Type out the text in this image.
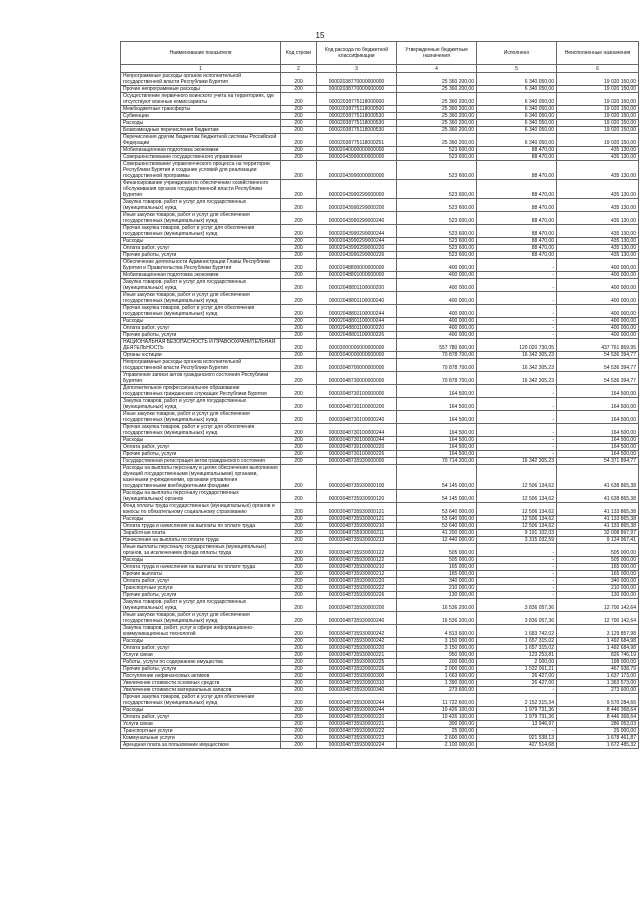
15
Наименование показателя	Код строки	Код расхода по бюджетной классификации	Утвержденные бюджетные назначения	Исполнено	Неисполненные назначения
1	2	3	4	5	6
Непрограммные расходы органов исполнительной государственной власти Республики Бурятия	200	00002038770000000000	25 360 200,00	6 340 050,00	19 020 150,00
Прочие непрограммные расходы	200	00002038770000000000	25 360 200,00	6 340 050,00	19 020 150,00
Осуществление первичного воинского учета на территориях, где отсутствуют военные комиссариаты	200	00002038775118000000	25 360 200,00	6 340 050,00	19 020 150,00
Межбюджетные трансферты	200	00002038775118000500	25 360 200,00	6 340 050,00	19 020 150,00
Субвенции	200	00002038775118000530	25 360 200,00	6 340 050,00	19 020 150,00
Расходы	200	00002038775118000530	25 360 200,00	6 340 050,00	19 020 150,00
Безвозмездные перечисления бюджетам	200	00002038775118000530	25 360 200,00	6 340 050,00	19 020 150,00
Перечисления другим бюджетам бюджетной системы Российской Федерации	200	00002038775118000251	25 360 200,00	6 340 050,00	19 020 150,00
Мобилизационная подготовка экономики	200	00002040000000000000	523 600,00	88 470,00	435 130,00
Совершенствование государственного управления	200	00002043990000000000	523 600,00	88 470,00	435 130,00
Совершенствование управленческого процесса на территории Республики Бурятия и создание условий для реализации государственной программы	200	00002043990000000000	523 600,00	88 470,00	435 130,00
Финансирование учреждения по обеспечению хозяйственного обслуживания органов государственной власти Республики Бурятия	200	00002043990299000000	523 600,00	88 470,00	435 130,00
Закупка товаров, работ и услуг для государственных (муниципальных) нужд	200	00002043990299000200	523 600,00	88 470,00	435 130,00
Иные закупки товаров, работ и услуг для обеспечения государственных (муниципальных) нужд	200	00002043990299000240	523 600,00	88 470,00	435 130,00
Прочая закупка товаров, работ и услуг для обеспечения государственных (муниципальных) нужд	200	00002043990299000244	523 600,00	88 470,00	435 130,00
Расходы	200	00002043990299000244	523 600,00	88 470,00	435 130,00
Оплата работ, услуг	200	00002043990299000220	523 600,00	88 470,00	435 130,00
Прочие работы, услуги	200	00002043990299000226	523 600,00	88 470,00	435 130,00
Обеспечение деятельности Администрации Главы Республики Бурятия и Правительства Республики Бурятия	200	00002048800000000000	400 000,00	-	400 000,00
Мобилизационная подготовка экономики	200	00002048801000000000	400 000,00	-	400 000,00
Закупка товаров, работ и услуг для государственных (муниципальных) нужд	200	00002048801100000200	400 000,00	-	400 000,00
Иные закупки товаров, работ и услуг для обеспечения государственных (муниципальных) нужд	200	00002048801100000240	400 000,00	-	400 000,00
Прочая закупка товаров, работ и услуг для обеспечения государственных (муниципальных) нужд	200	00002048801100000244	400 000,00	-	400 000,00
Расходы	200	00002048801100000244	400 000,00	-	400 000,00
Оплата работ, услуг	200	00002048801100000220	400 000,00	-	400 000,00
Прочие работы, услуги	200	00002048801100000226	400 000,00	-	400 000,00
НАЦИОНАЛЬНАЯ БЕЗОПАСНОСТЬ И ПРАВООХРАНИТЕЛЬНАЯ ДЕЯТЕЛЬНОСТЬ	200	00003000000000000000	557 780 600,00	120 020 730,05	437 761 869,95
Органы юстиции	200	00003040000000000000	70 878 700,00	16 342 305,23	54 536 394,77
Непрограммные расходы органов исполнительной государственной власти Республики Бурятия	200	00003048700000000000	70 878 700,00	16 342 305,23	54 536 394,77
Управление записи актов гражданского состояния Республики Бурятия	200	00003048730000000000	70 878 700,00	16 342 305,23	54 536 394,77
Дополнительное профессиональное образование государственных гражданских служащих Республики Бурятия	200	00003048730100000000	164 500,00	-	164 500,00
Закупка товаров, работ и услуг для государственных (муниципальных) нужд	200	00003048730100000200	164 500,00	-	164 500,00
Иные закупки товаров, работ и услуг для обеспечения государственных (муниципальных) нужд	200	00003048730100000240	164 500,00	-	164 500,00
Прочая закупка товаров, работ и услуг для обеспечения государственных (муниципальных) нужд	200	00003048730100000244	164 500,00	-	164 500,00
Расходы	200	00003048730100000244	164 500,00	-	164 500,00
Оплата работ, услуг	200	00003048730100000220	164 500,00	-	164 500,00
Прочие работы, услуги	200	00003048730100000226	164 500,00	-	164 500,00
Государственная регистрация актов гражданского состояния	200	00003048735930000000	70 714 200,00	16 342 305,23	54 371 894,77
Расходы на выплаты персоналу в целях обеспечения выполнения функций государственными (муниципальными) органами, казенными учреждениями, органами управления государственными внебюджетными фондами	200	00003048735930000100	54 145 000,00	12 506 134,62	41 638 865,38
Расходы на выплаты персоналу государственных (муниципальных) органов	200	00003048735930000120	54 145 000,00	12 506 134,62	41 638 865,38
Фонд оплаты труда государственных (муниципальных) органов и взносы по обязательному социальному страхованию	200	00003048735930000121	53 640 000,00	12 506 134,62	41 133 865,38
Расходы	200	00003048735930000121	53 640 000,00	12 506 134,62	41 133 865,38
Оплата труда и начисления на выплаты по оплате труда	200	00003048735930000210	53 640 000,00	12 506 134,62	41 133 865,38
Заработная плата	200	00003048735930000211	41 200 000,00	9 191 102,03	32 008 897,97
Начисления на выплаты по оплате труда	200	00003048735930000213	12 440 000,00	3 315 032,59	9 124 967,41
Иные выплаты персоналу государственных (муниципальных) органов, за исключением фонда оплаты труда	200	00003048735930000122	505 000,00	-	505 000,00
Расходы	200	00003048735930000122	505 000,00	-	505 000,00
Оплата труда и начисления на выплаты по оплате труда	200	00003048735930000210	165 000,00	-	165 000,00
Прочие выплаты	200	00003048735930000212	165 000,00	-	165 000,00
Оплата работ, услуг	200	00003048735930000220	340 000,00	-	340 000,00
Транспортные услуги	200	00003048735930000222	210 000,00	-	210 000,00
Прочие работы, услуги	200	00003048735930000226	130 000,00	-	130 000,00
Закупка товаров, работ и услуг для государственных (муниципальных) нужд	200	00003048735930000200	16 536 200,00	3 836 057,36	12 700 142,64
Иные закупки товаров, работ и услуг для обеспечения государственных (муниципальных) нужд	200	00003048735930000240	16 536 200,00	3 836 057,36	12 700 142,64
Закупка товаров, работ, услуг в сфере информационно-коммуникационных технологий	200	00003048735930000242	4 813 600,00	1 683 742,02	3 129 857,98
Расходы	200	00003048735930000242	3 150 000,00	1 657 315,02	1 492 684,98
Оплата работ, услуг	200	00003048735930000220	3 150 000,00	1 657 315,02	1 492 684,98
Услуги связи	200	00003048735930000221	950 000,00	123 253,81	826 746,19
Работы, услуги по содержанию имущества	200	00003048735930000225	200 000,00	2 000,00	198 000,00
Прочие работы, услуги	200	00003048735930000226	2 000 000,00	1 532 061,21	467 938,79
Поступление нефинансовых активов	200	00003048735930000300	1 663 600,00	26 427,00	1 637 173,00
Увеличение стоимости основных средств	200	00003048735930000310	1 390 000,00	26 427,00	1 363 573,00
Увеличение стоимости материальных запасов	200	00003048735930000340	273 600,00	-	273 600,00
Прочая закупка товаров, работ и услуг для обеспечения государственных (муниципальных) нужд	200	00003048735930000244	11 722 600,00	2 152 315,34	9 570 284,66
Расходы	200	00003048735930000244	10 426 100,00	1 979 731,36	8 446 368,64
Оплата работ, услуг	200	00003048735930000220	10 426 100,00	1 979 731,36	8 446 368,64
Услуги связи	200	00003048735930000221	300 000,00	13 946,97	286 053,03
Транспортные услуги	200	00003048735930000222	25 000,00	-	25 000,00
Коммунальные услуги	200	00003048735930000223	2 600 000,00	921 538,13	1 678 461,87
Арендная плата за пользование имуществом	200	00003048735930000224	2 100 000,00	427 514,68	1 672 485,32
